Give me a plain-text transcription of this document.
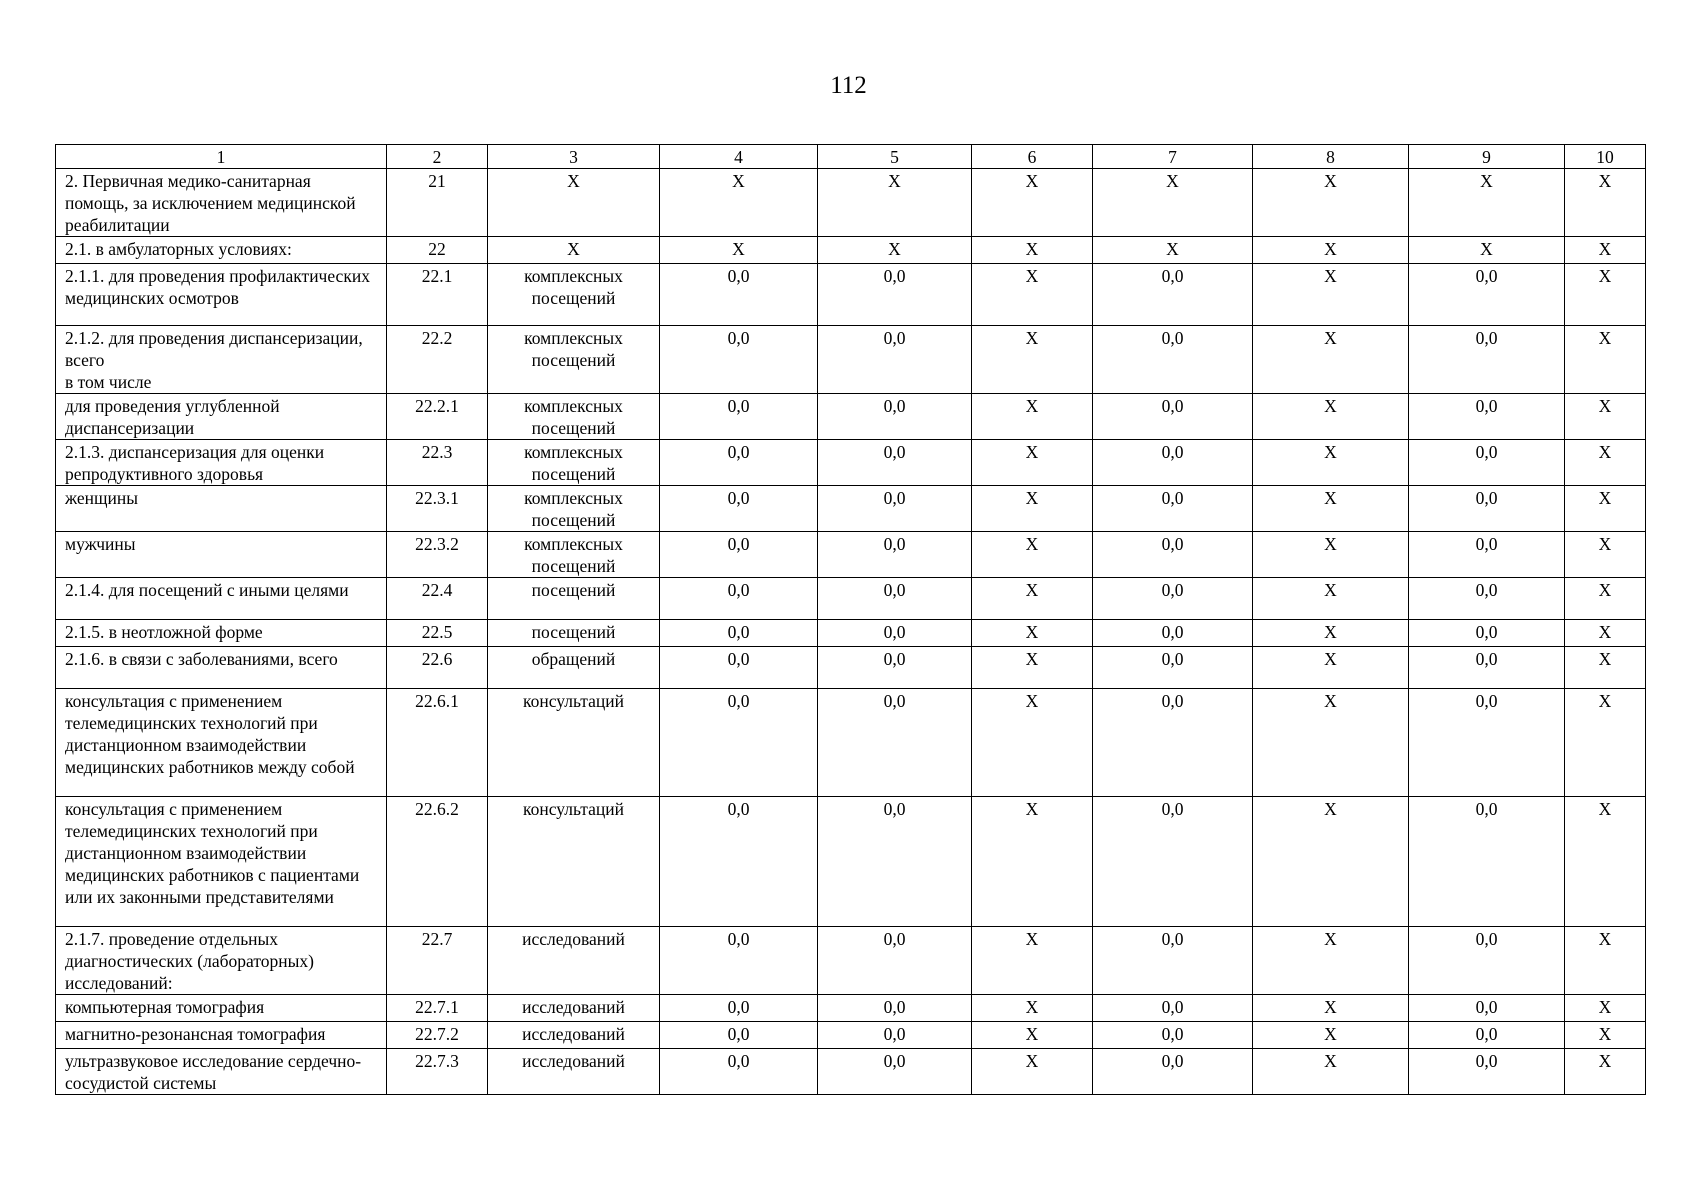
112
1	2	3	4	5	6	7	8	9	10
2. Первичная медико-санитарная помощь, за исключением медицинской реабилитации	21	X	X	X	X	X	X	X	X
2.1. в амбулаторных условиях:	22	X	X	X	X	X	X	X	X
2.1.1. для проведения профилактических медицинских осмотров	22.1	комплексных посещений	0,0	0,0	X	0,0	X	0,0	X
2.1.2. для проведения диспансеризации, всего
в том числе	22.2	комплексных посещений	0,0	0,0	X	0,0	X	0,0	X
для проведения углубленной диспансеризации	22.2.1	комплексных посещений	0,0	0,0	X	0,0	X	0,0	X
2.1.3. диспансеризация для оценки репродуктивного здоровья	22.3	комплексных посещений	0,0	0,0	X	0,0	X	0,0	X
женщины	22.3.1	комплексных посещений	0,0	0,0	X	0,0	X	0,0	X
мужчины	22.3.2	комплексных посещений	0,0	0,0	X	0,0	X	0,0	X
2.1.4. для посещений с иными целями	22.4	посещений	0,0	0,0	X	0,0	X	0,0	X
2.1.5. в неотложной форме	22.5	посещений	0,0	0,0	X	0,0	X	0,0	X
2.1.6. в связи с заболеваниями, всего	22.6	обращений	0,0	0,0	X	0,0	X	0,0	X
консультация с применением телемедицинских технологий при дистанционном взаимодействии медицинских работников между собой	22.6.1	консультаций	0,0	0,0	X	0,0	X	0,0	X
консультация с применением телемедицинских технологий при дистанционном взаимодействии медицинских работников с пациентами или их законными представителями	22.6.2	консультаций	0,0	0,0	X	0,0	X	0,0	X
2.1.7. проведение отдельных диагностических (лабораторных) исследований:	22.7	исследований	0,0	0,0	X	0,0	X	0,0	X
компьютерная томография	22.7.1	исследований	0,0	0,0	X	0,0	X	0,0	X
магнитно-резонансная томография	22.7.2	исследований	0,0	0,0	X	0,0	X	0,0	X
ультразвуковое исследование сердечно-сосудистой системы	22.7.3	исследований	0,0	0,0	X	0,0	X	0,0	X
